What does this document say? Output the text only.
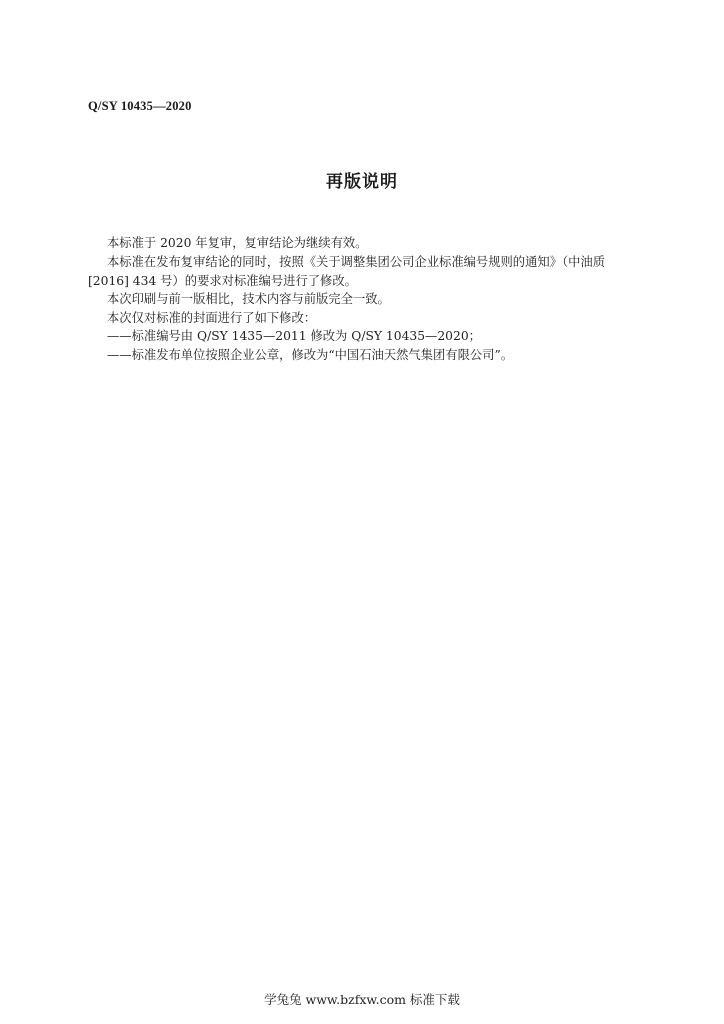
Q/SY 10435—2020
再版说明
本标准于 2020 年复审，复审结论为继续有效。
本标准在发布复审结论的同时，按照《关于调整集团公司企业标准编号规则的通知》（中油质
[2016] 434 号）的要求对标准编号进行了修改。
本次印刷与前一版相比，技术内容与前版完全一致。
本次仅对标准的封面进行了如下修改：
——标准编号由 Q/SY 1435—2011 修改为 Q/SY 10435—2020；
——标准发布单位按照企业公章，修改为“中国石油天然气集团有限公司”。
学兔兔 www.bzfxw.com 标准下载
